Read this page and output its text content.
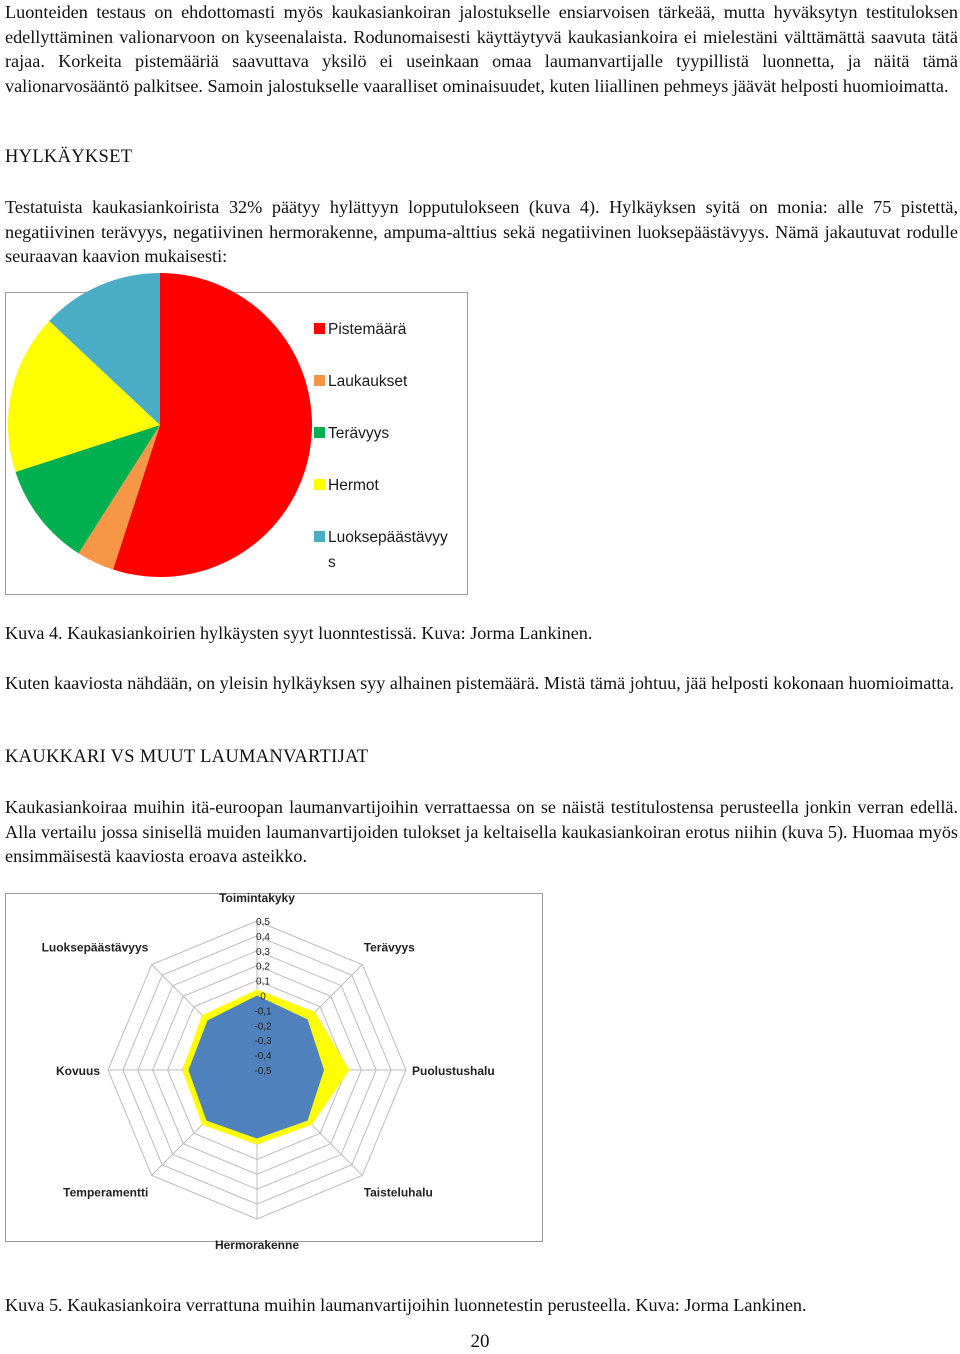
Luonteiden testaus on ehdottomasti myös kaukasiankoiran jalostukselle ensiarvoisen tärkeää, mutta hyväksytyn testituloksen edellyttäminen valionarvoon on kyseenalaista. Rodunomaisesti käyttäytyvä kaukasiankoira ei mielestäni välttämättä saavuta tätä rajaa. Korkeita pistemääriä saavuttava yksilö ei useinkaan omaa laumanvartijalle tyypillistä luonnetta, ja näitä tämä valionarvosääntö palkitsee. Samoin jalostukselle vaaralliset ominaisuudet, kuten liiallinen pehmeys jäävät helposti huomioimatta.

HYLKÄYKSET

Testatuista kaukasiankoirista 32% päätyy hylättyyn lopputulokseen (kuva 4). Hylkäyksen syitä on monia: alle 75 pistettä, negatiivinen terävyys, negatiivinen hermorakenne, ampuma-alttius sekä negatiivinen luoksepäästävyys. Nämä jakautuvat rodulle seuraavan kaavion mukaisesti:

Kuva 4. Kaukasiankoirien hylkäysten syyt luonntestissä. Kuva: Jorma Lankinen.

Kuten kaaviosta nähdään, on yleisin hylkäyksen syy alhainen pistemäärä. Mistä tämä johtuu, jää helposti kokonaan huomioimatta.

KAUKKARI VS MUUT LAUMANVARTIJAT

Kaukasiankoiraa muihin itä-euroopan laumanvartijoihin verrattaessa on se näistä testitulostensa perusteella jonkin verran edellä. Alla vertailu jossa sinisellä muiden laumanvartijoiden tulokset ja keltaisella kaukasiankoiran erotus niihin (kuva 5). Huomaa myös ensimmäisestä kaaviosta eroava asteikko.

Kuva 5. Kaukasiankoira verrattuna muihin laumanvartijoihin luonnetestin perusteella. Kuva: Jorma Lankinen.

Pistemäärä
Laukaukset
Terävyys
Hermot
Luoksepäästävyy
s
0,5
0,4
0,3
0,2
0,1
0
-0,1
-0,2
-0,3
-0,4
-0,5
Toimintakyky
Terävyys
Puolustushalu
Taisteluhalu
Hermorakenne
Temperamentti
Kovuus
Luoksepäästävyys
20
